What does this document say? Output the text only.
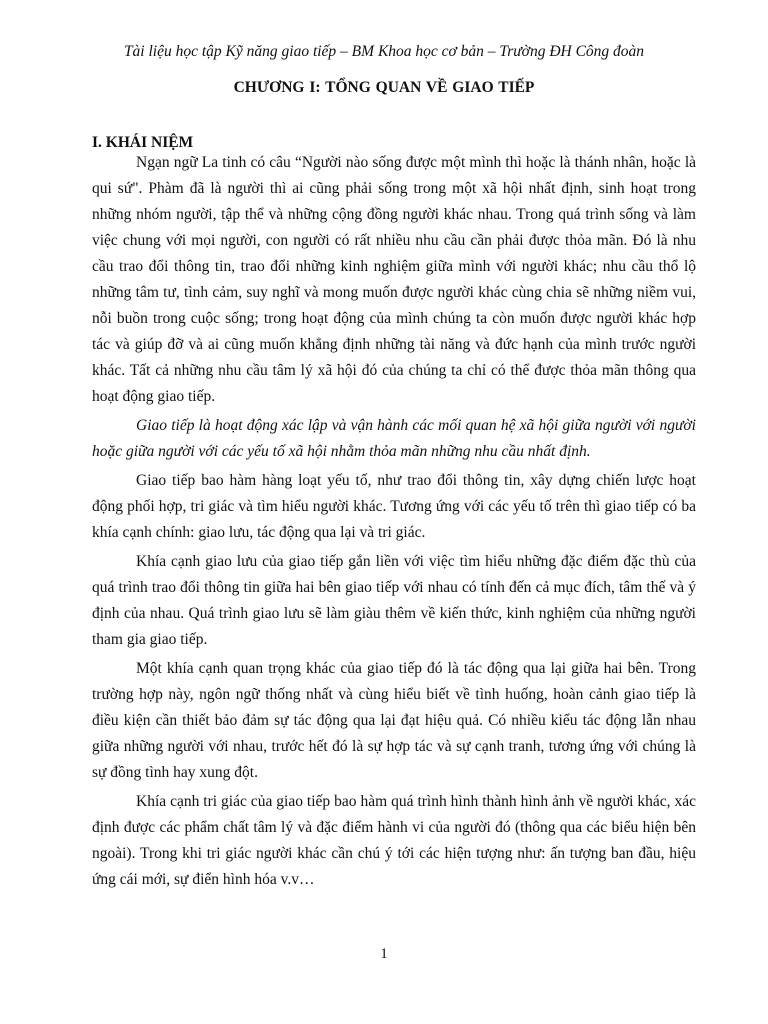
Tài liệu học tập Kỹ năng giao tiếp – BM Khoa học cơ bản – Trường ĐH Công đoàn
CHƯƠNG I: TỔNG QUAN VỀ GIAO TIẾP
I. KHÁI NIỆM

Ngạn ngữ La tinh có câu “Người nào sống được một mình thì hoặc là thánh nhân, hoặc là qui sứ". Phàm đã là người thì ai cũng phải sống trong một xã hội nhất định, sinh hoạt trong những nhóm người, tập thể và những cộng đồng người khác nhau. Trong quá trình sống và làm việc chung với mọi người, con người có rất nhiều nhu cầu cần phải được thỏa mãn. Đó là nhu cầu trao đổi thông tin, trao đổi những kinh nghiệm giữa mình với người khác; nhu cầu thổ lộ những tâm tư, tình cảm, suy nghĩ và mong muốn được người khác cùng chia sẽ những niềm vui, nỗi buồn trong cuộc sống; trong hoạt động của mình chúng ta còn muốn được người khác hợp tác và giúp đỡ và ai cũng muốn khẳng định những tài năng và đức hạnh của mình trước người khác. Tất cả những nhu cầu tâm lý xã hội đó của chúng ta chỉ có thể được thỏa mãn thông qua hoạt động giao tiếp.

Giao tiếp là hoạt động xác lập và vận hành các mối quan hệ xã hội giữa người với người hoặc giữa người với các yếu tố xã hội nhằm thỏa mãn những nhu cầu nhất định.

Giao tiếp bao hàm hàng loạt yếu tố, như trao đổi thông tin, xây dựng chiến lược hoạt động phối hợp, tri giác và tìm hiểu người khác. Tương ứng với các yếu tố trên thì giao tiếp có ba khía cạnh chính: giao lưu, tác động qua lại và tri giác.

Khía cạnh giao lưu của giao tiếp gắn liền với việc tìm hiểu những đặc điểm đặc thù của quá trình trao đổi thông tin giữa hai bên giao tiếp với nhau có tính đến cả mục đích, tâm thế và ý định của nhau. Quá trình giao lưu sẽ làm giàu thêm về kiến thức, kinh nghiệm của những người tham gia giao tiếp.

Một khía cạnh quan trọng khác của giao tiếp đó là tác động qua lại giữa hai bên. Trong trường hợp này, ngôn ngữ thống nhất và cùng hiểu biết về tình huống, hoàn cảnh giao tiếp là điều kiện cần thiết bảo đảm sự tác động qua lại đạt hiệu quả. Có nhiều kiểu tác động lẫn nhau giữa những người với nhau, trước hết đó là sự hợp tác và sự cạnh tranh, tương ứng với chúng là sự đồng tình hay xung đột.

Khía cạnh tri giác của giao tiếp bao hàm quá trình hình thành hình ảnh về người khác, xác định được các phẩm chất tâm lý và đặc điểm hành vi của người đó (thông qua các biểu hiện bên ngoài). Trong khi tri giác người khác cần chú ý tới các hiện tượng như: ấn tượng ban đầu, hiệu ứng cái mới, sự điển hình hóa v.v…

1
